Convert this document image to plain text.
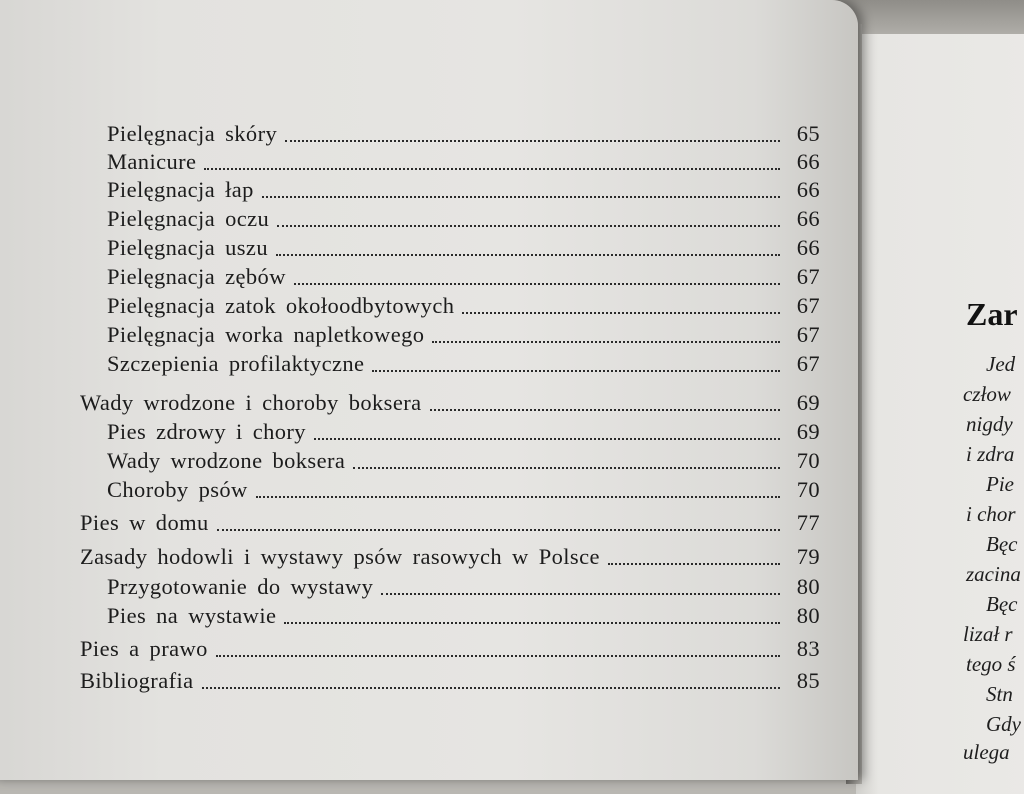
Pielęgnacja skóry	65
Manicure	66
Pielęgnacja łap	66
Pielęgnacja oczu	66
Pielęgnacja uszu	66
Pielęgnacja zębów	67
Pielęgnacja zatok okołoodbytowych	67
Pielęgnacja worka napletkowego	67
Szczepienia profilaktyczne	67
Wady wrodzone i choroby boksera	69
Pies zdrowy i chory	69
Wady wrodzone boksera	70
Choroby psów	70
Pies w domu	77
Zasady hodowli i wystawy psów rasowych w Polsce	79
Przygotowanie do wystawy	80
Pies na wystawie	80
Pies a prawo	83
Bibliografia	85
Zar
Jed
człow
nigdy
i zdra
Pie
i chor
Bęc
zacina
Bęc
lizał r
tego ś
Stn
Gdy
ulega
